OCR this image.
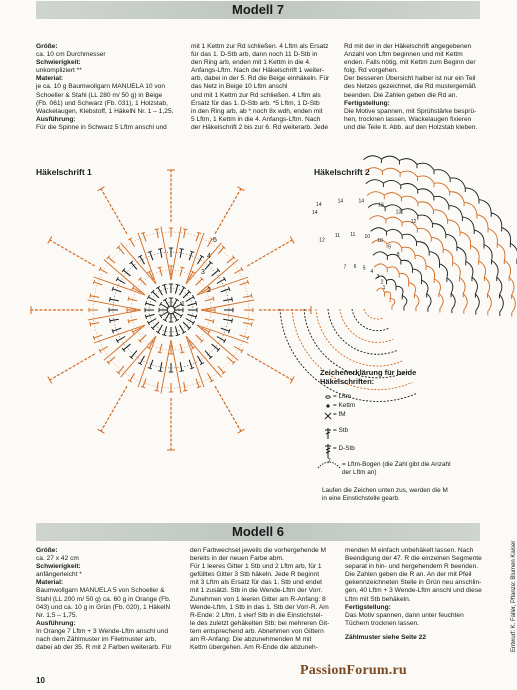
Modell 7

Größe:

ca. 10 cm Durchmesser

Schwierigkeit:

unkompliziert **

Material:

je ca. 10 g Baumwollgarn MANUELA 10 von

Schoeller & Stahl (LL 280 m/ 50 g) in Beige

(Fb. 061) und Schwarz (Fb. 031), 1 Holzstab,

Wackelaugen, Klebstoff, 1 HäkelN Nr. 1 – 1,25.

Ausführung:

Für die Spinne in Schwarz 5 Lftm anschl und

mit 1 Kettm zur Rd schließen. 4 Lftm als Ersatz

für das 1. D-Stb arb, dann noch 11 D-Stb in

den Ring arb, enden mit 1 Kettm in die 4.

Anfangs-Lftm. Nach der Häkelschrift 1 weiter-

arb, dabei in der 5. Rd die Beige einhäkeln. Für

das Netz in Beige 10 Lftm anschl

und mit 1 Kettm zur Rd schließen. 4 Lftm als

Ersatz für das 1. D-Stb arb. *5 Lftm, 1 D-Stb

in den Ring arb, ab * noch 8x wdh, enden mit

5 Lftm, 1 Kettm in die 4. Anfangs-Lftm. Nach

der Häkelschrift 2 bis zur 6. Rd weiterarb. Jede

Rd mit der in der Häkelschrift angegebenen

Anzahl von Lftm beginnen und mit Kettm

enden. Falls nötig, mit Kettm zum Beginn der

folg. Rd vorgehen.

Der besseren Übersicht halber ist nur ein Teil

des Netzes gezeichnet, die Rd mustergemäß

beenden. Die Zahlen geben die Rd an.

Fertigstellung:

Die Motive spannen, mit Sprühstärke besprü-

hen, trocknen lassen, Wackelaugen fixieren

und die Teile lt. Abb. auf den Holzstab kleben.

Häkelschrift 1
5
4
3
2
1
Häkelschrift 2
14
14
14	14
13
13
12
12
11 11 10
10
9
8
7 6 5
4
3
2
1
Zeichenerklärung für beide
Häkelschriften:
= Lftm
= Kettm
= fM
= Stb
= D-Stb
7 = Lftm-Bogen (die Zahl gibt die Anzahl
der Lftm an)
Laufen die Zeichen unten zus, werden die M
in eine Einstichstelle gearb.
Modell 6

Größe:

ca. 27 x 42 cm

Schwierigkeit:

anfängerleicht *

Material:

Baumwollgarn MANUELA 5 von Schoeller &

Stahl (LL 200 m/ 50 g) ca. 60 g in Orange (Fb.

043) und ca. 10 g in Grün (Fb. 020), 1 HäkelN

Nr. 1,5 – 1,75.

Ausführung:

In Orange 7 Lftm + 3 Wende-Lftm anschl und

nach dem Zählmuster im Filetmuster arb,

dabei ab der 35. R mit 2 Farben weiterarb. Für

den Farbwechsel jeweils die vorhergehende M

bereits in der neuen Farbe abm.

Für 1 leeres Gitter 1 Stb und 2 Lftm arb, für 1

gefülltes Gitter 3 Stb häkeln. Jede R beginnt

mit 3 Lftm als Ersatz für das 1. Stb und endet

mit 1 zusätzl. Stb in die Wende-Lftm der Vorr.

Zunehmen von 1 leeren Gitter am R-Anfang: 8

Wende-Lftm, 1 Stb in das 1. Stb der Vorr-R. Am

R-Ende: 2 Lftm, 1 vierf Stb in die Einstichstel-

le des zuletzt gehäkelten Stb; bei mehreren Git-

tern entsprechend arb. Abnehmen von Gittern

am R-Anfang: Die abzunehmenden M mit

Kettm übergehen. Am R-Ende die abzuneh-

menden M einfach unbehäkelt lassen. Nach

Beendigung der 47. R die einzelnen Segmente

separat in hin- und hergehendem R beenden.

Die Zahlen geben die R an. An der mit Pfeil

gekennzeichneten Stelle in Grün neu anschlin-

gen, 40 Lftm + 3 Wende-Lftm anschl und diese

Lftm mit Stb behäkeln.

Fertigstellung:

Das Motiv spannen, dann unter feuchten

Tüchern trocknen lassen.

Zählmuster siehe Seite 22	Entwurf: K. Faller, Pflanze: Blumen Kaiser
10
PassionForum.ru
